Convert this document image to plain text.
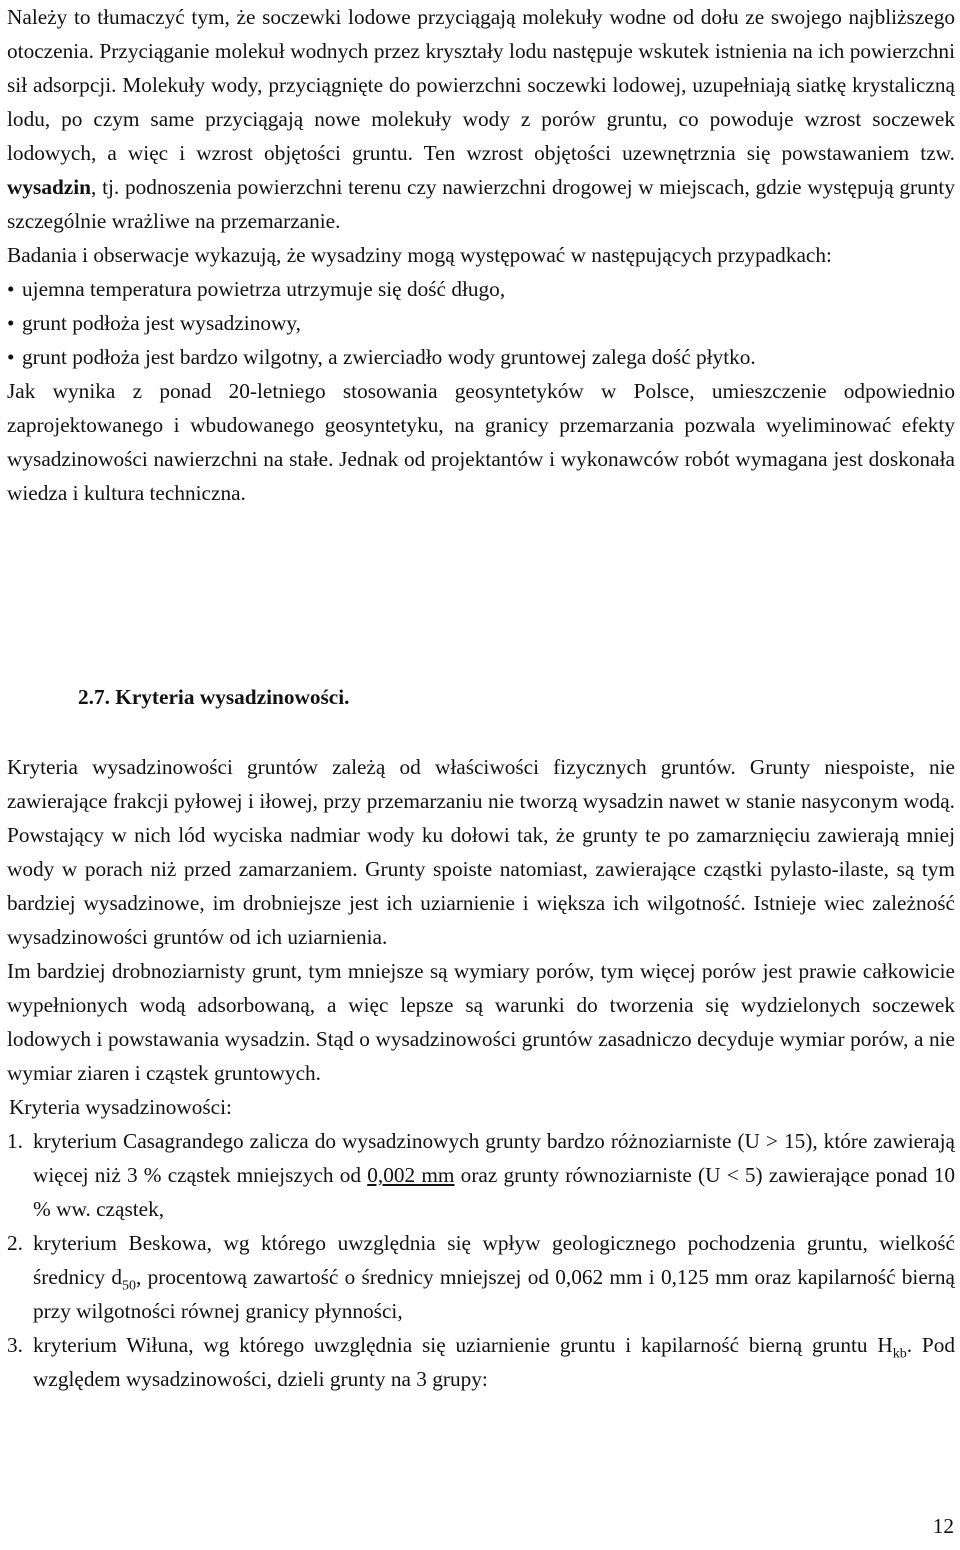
Należy to tłumaczyć tym, że soczewki lodowe przyciągają molekuły wodne od dołu ze swojego najbliższego otoczenia. Przyciąganie molekuł wodnych przez kryształy lodu następuje wskutek istnienia na ich powierzchni sił adsorpcji. Molekuły wody, przyciągnięte do powierzchni soczewki lodowej, uzupełniają siatkę krystaliczną lodu, po czym same przyciągają nowe molekuły wody z porów gruntu, co powoduje wzrost soczewek lodowych, a więc i wzrost objętości gruntu. Ten wzrost objętości uzewnętrznia się powstawaniem tzw. wysadzin, tj. podnoszenia powierzchni terenu czy nawierzchni drogowej w miejscach, gdzie występują grunty szczególnie wrażliwe na przemarzanie.

Badania i obserwacje wykazują, że wysadziny mogą występować w następujących przypadkach:

• ujemna temperatura powietrza utrzymuje się dość długo,
• grunt podłoża jest wysadzinowy,
• grunt podłoża jest bardzo wilgotny, a zwierciadło wody gruntowej zalega dość płytko.

Jak wynika z ponad 20-letniego stosowania geosyntetyków w Polsce, umieszczenie odpowiednio zaprojektowanego i wbudowanego geosyntetyku, na granicy przemarzania pozwala wyeliminować efekty wysadzinowości nawierzchni na stałe. Jednak od projektantów i wykonawców robót wymagana jest doskonała wiedza i kultura techniczna.

2.7. Kryteria wysadzinowości.

Kryteria wysadzinowości gruntów zależą od właściwości fizycznych gruntów. Grunty niespoiste, nie zawierające frakcji pyłowej i iłowej, przy przemarzaniu nie tworzą wysadzin nawet w stanie nasyconym wodą. Powstający w nich lód wyciska nadmiar wody ku dołowi tak, że grunty te po zamarznięciu zawierają mniej wody w porach niż przed zamarzaniem. Grunty spoiste natomiast, zawierające cząstki pylasto-ilaste, są tym bardziej wysadzinowe, im drobniejsze jest ich uziarnienie i większa ich wilgotność. Istnieje wiec zależność wysadzinowości gruntów od ich uziarnienia.

Im bardziej drobnoziarnisty grunt, tym mniejsze są wymiary porów, tym więcej porów jest prawie całkowicie wypełnionych wodą adsorbowaną, a więc lepsze są warunki do tworzenia się wydzielonych soczewek lodowych i powstawania wysadzin. Stąd o wysadzinowości gruntów zasadniczo decyduje wymiar porów, a nie wymiar ziaren i cząstek gruntowych.

Kryteria wysadzinowości:

1. kryterium Casagrandego zalicza do wysadzinowych grunty bardzo różnoziarniste (U > 15), które zawierają więcej niż 3 % cząstek mniejszych od 0,002 mm oraz grunty równoziarniste (U < 5) zawierające ponad 10 % ww. cząstek,
2. kryterium Beskowa, wg którego uwzględnia się wpływ geologicznego pochodzenia gruntu, wielkość średnicy $d_{50}$, procentową zawartość o średnicy mniejszej od 0,062 mm i 0,125 mm oraz kapilarność bierną przy wilgotności równej granicy płynności,
3. kryterium Wiłuna, wg którego uwzględnia się uziarnienie gruntu i kapilarność bierną gruntu $H_{kb}$. Pod względem wysadzinowości, dzieli grunty na 3 grupy:

12
